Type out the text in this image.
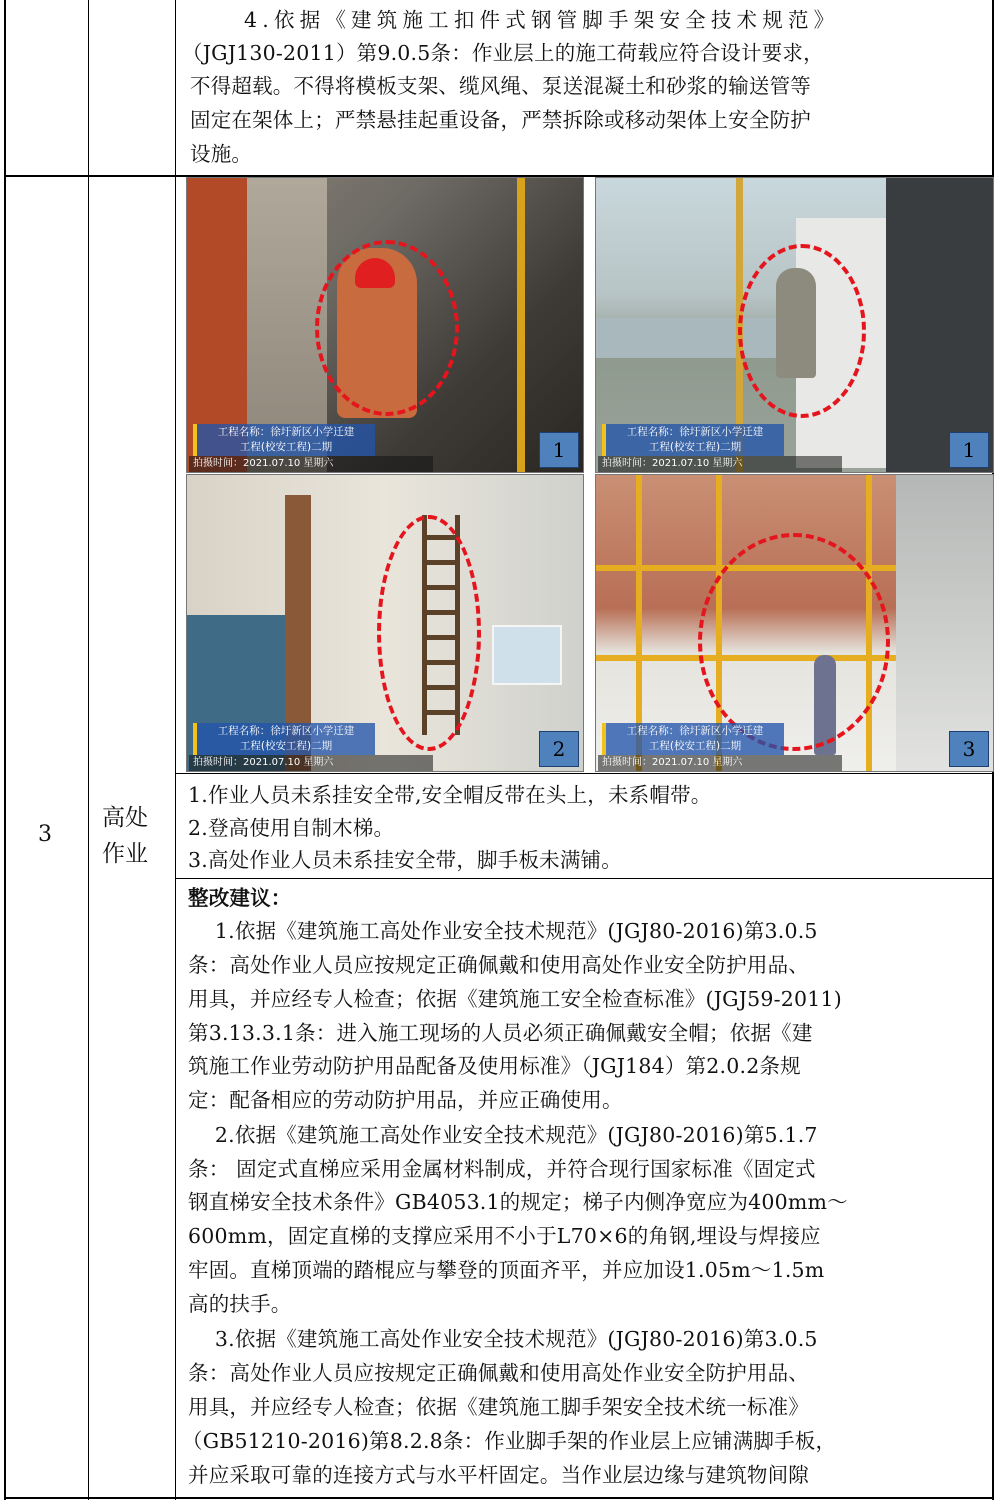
4.依据《建筑施工扣件式钢管脚手架安全技术规范》
（JGJ130-2011）第9.0.5条：作业层上的施工荷载应符合设计要求，
不得超载。不得将模板支架、缆风绳、泵送混凝土和砂浆的输送管等
固定在架体上；严禁悬挂起重设备，严禁拆除或移动架体上安全防护
设施。
3
高处
作业
工程名称：徐圩新区小学迁建
工程(校安工程)二期
拍摄时间：2021.07.10 星期六
1
工程名称：徐圩新区小学迁建
工程(校安工程)二期
拍摄时间：2021.07.10 星期六
1
工程名称：徐圩新区小学迁建
工程(校安工程)二期
拍摄时间：2021.07.10 星期六
2
工程名称：徐圩新区小学迁建
工程(校安工程)二期
拍摄时间：2021.07.10 星期六
3
1.作业人员未系挂安全带,安全帽反带在头上，未系帽带。
2.登高使用自制木梯。
3.高处作业人员未系挂安全带，脚手板未满铺。
整改建议：
1.依据《建筑施工高处作业安全技术规范》(JGJ80-2016)第3.0.5
条：高处作业人员应按规定正确佩戴和使用高处作业安全防护用品、
用具，并应经专人检查；依据《建筑施工安全检查标准》(JGJ59-2011)
第3.13.3.1条：进入施工现场的人员必须正确佩戴安全帽；依据《建
筑施工作业劳动防护用品配备及使用标准》（JGJ184）第2.0.2条规
定：配备相应的劳动防护用品，并应正确使用。
2.依据《建筑施工高处作业安全技术规范》(JGJ80-2016)第5.1.7
条： 固定式直梯应采用金属材料制成，并符合现行国家标准《固定式
钢直梯安全技术条件》GB4053.1的规定；梯子内侧净宽应为400mm～
600mm，固定直梯的支撑应采用不小于L70×6的角钢,埋设与焊接应
牢固。直梯顶端的踏棍应与攀登的顶面齐平，并应加设1.05m～1.5m
高的扶手。
3.依据《建筑施工高处作业安全技术规范》(JGJ80-2016)第3.0.5
条：高处作业人员应按规定正确佩戴和使用高处作业安全防护用品、
用具，并应经专人检查；依据《建筑施工脚手架安全技术统一标准》
（GB51210-2016)第8.2.8条：作业脚手架的作业层上应铺满脚手板，
并应采取可靠的连接方式与水平杆固定。当作业层边缘与建筑物间隙
